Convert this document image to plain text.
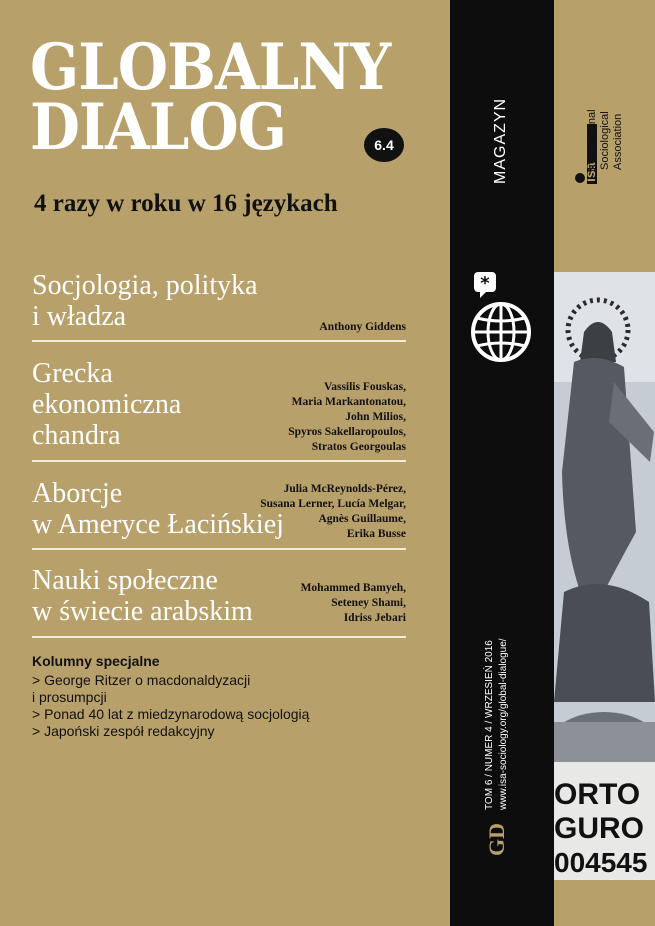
GLOBALNY
DIALOG	6.4

4 razy w roku w 16 językach

Socjologia, polityka
i władza	Anthony Giddens
Grecka
ekonomiczna
chandra
Vassilis Fouskas,
Maria Markantonatou,
John Milios,
Spyros Sakellaropoulos,
Stratos Georgoulas
Aborcje
w Ameryce Łacińskiej
Julia McReynolds-Pérez,
Susana Lerner, Lucía Melgar,
Agnès Guillaume,
Erika Busse
Nauki społeczne
w świecie arabskim
Mohammed Bamyeh,
Seteney Shami,
Idriss Jebari
Kolumny specjalne
> George Ritzer o macdonaldyzacji
i prosumpcji
> Ponad 40 lat z miedzynarodową socjologią
> Japoński zespół redakcyjny
MAGAZYN
*
TOM 6 / NUMER 4 / WRZESIEŃ 2016 www.isa-sociology.org/global-dialogue/
GD
isa
International Sociological Association
ORTO
GURO
004545
